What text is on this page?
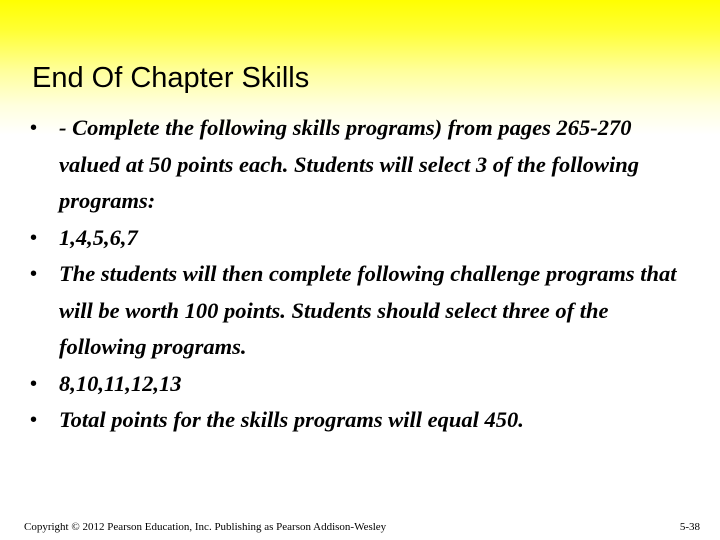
End Of Chapter Skills
• - Complete the following skills programs) from pages 265-270 valued at 50 points each. Students will select 3 of the following programs:
• 1,4,5,6,7
• The students will then complete following challenge programs that will be worth 100 points. Students should select three of the following programs.
• 8,10,11,12,13
• Total points for the skills programs will equal 450.
Copyright © 2012 Pearson Education, Inc. Publishing as Pearson Addison-Wesley	5-38
